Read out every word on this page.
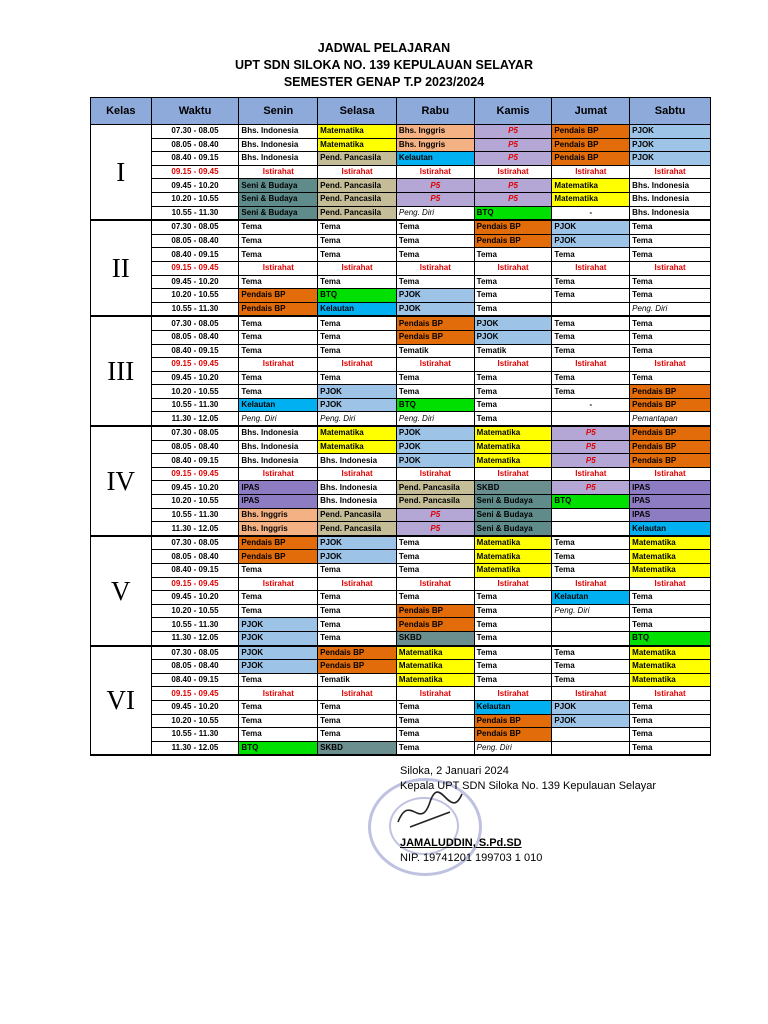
JADWAL PELAJARAN
UPT SDN SILOKA NO. 139 KEPULAUAN SELAYAR
SEMESTER GENAP T.P 2023/2024
Kelas	Waktu	Senin	Selasa	Rabu	Kamis	Jumat	Sabtu
I	07.30 - 08.05	Bhs. Indonesia	Matematika	Bhs. Inggris	P5	Pendais BP	PJOK
	08.05 - 08.40	Bhs. Indonesia	Matematika	Bhs. Inggris	P5	Pendais BP	PJOK
	08.40 - 09.15	Bhs. Indonesia	Pend. Pancasila	Kelautan	P5	Pendais BP	PJOK
	09.15 - 09.45	Istirahat	Istirahat	Istirahat	Istirahat	Istirahat	Istirahat
	09.45 - 10.20	Seni & Budaya	Pend. Pancasila	P5	P5	Matematika	Bhs. Indonesia
	10.20 - 10.55	Seni & Budaya	Pend. Pancasila	P5	P5	Matematika	Bhs. Indonesia
	10.55 - 11.30	Seni & Budaya	Pend. Pancasila	Peng. Diri	BTQ	-	Bhs. Indonesia
II	07.30 - 08.05	Tema	Tema	Tema	Pendais BP	PJOK	Tema
	08.05 - 08.40	Tema	Tema	Tema	Pendais BP	PJOK	Tema
	08.40 - 09.15	Tema	Tema	Tema	Tema	Tema	Tema
	09.15 - 09.45	Istirahat	Istirahat	Istirahat	Istirahat	Istirahat	Istirahat
	09.45 - 10.20	Tema	Tema	Tema	Tema	Tema	Tema
	10.20 - 10.55	Pendais BP	BTQ	PJOK	Tema	Tema	Tema
	10.55 - 11.30	Pendais BP	Kelautan	PJOK	Tema		Peng. Diri
III	07.30 - 08.05	Tema	Tema	Pendais BP	PJOK	Tema	Tema
	08.05 - 08.40	Tema	Tema	Pendais BP	PJOK	Tema	Tema
	08.40 - 09.15	Tema	Tema	Tematik	Tematik	Tema	Tema
	09.15 - 09.45	Istirahat	Istirahat	Istirahat	Istirahat	Istirahat	Istirahat
	09.45 - 10.20	Tema	Tema	Tema	Tema	Tema	Tema
	10.20 - 10.55	Tema	PJOK	Tema	Tema	Tema	Pendais BP
	10.55 - 11.30	Kelautan	PJOK	BTQ	Tema	-	Pendais BP
	11.30 - 12.05	Peng. Diri	Peng. Diri	Peng. Diri	Tema		Pemantapan
IV	07.30 - 08.05	Bhs. Indonesia	Matematika	PJOK	Matematika	P5	Pendais BP
	08.05 - 08.40	Bhs. Indonesia	Matematika	PJOK	Matematika	P5	Pendais BP
	08.40 - 09.15	Bhs. Indonesia	Bhs. Indonesia	PJOK	Matematika	P5	Pendais BP
	09.15 - 09.45	Istirahat	Istirahat	Istirahat	Istirahat	Istirahat	Istirahat
	09.45 - 10.20	IPAS	Bhs. Indonesia	Pend. Pancasila	SKBD	P5	IPAS
	10.20 - 10.55	IPAS	Bhs. Indonesia	Pend. Pancasila	Seni & Budaya	BTQ	IPAS
	10.55 - 11.30	Bhs. Inggris	Pend. Pancasila	P5	Seni & Budaya		IPAS
	11.30 - 12.05	Bhs. Inggris	Pend. Pancasila	P5	Seni & Budaya		Kelautan
V	07.30 - 08.05	Pendais BP	PJOK	Tema	Matematika	Tema	Matematika
	08.05 - 08.40	Pendais BP	PJOK	Tema	Matematika	Tema	Matematika
	08.40 - 09.15	Tema	Tema	Tema	Matematika	Tema	Matematika
	09.15 - 09.45	Istirahat	Istirahat	Istirahat	Istirahat	Istirahat	Istirahat
	09.45 - 10.20	Tema	Tema	Tema	Tema	Kelautan	Tema
	10.20 - 10.55	Tema	Tema	Pendais BP	Tema	Peng. Diri	Tema
	10.55 - 11.30	PJOK	Tema	Pendais BP	Tema		Tema
	11.30 - 12.05	PJOK	Tema	SKBD	Tema		BTQ
VI	07.30 - 08.05	PJOK	Pendais BP	Matematika	Tema	Tema	Matematika
	08.05 - 08.40	PJOK	Pendais BP	Matematika	Tema	Tema	Matematika
	08.40 - 09.15	Tema	Tematik	Matematika	Tema	Tema	Matematika
	09.15 - 09.45	Istirahat	Istirahat	Istirahat	Istirahat	Istirahat	Istirahat
	09.45 - 10.20	Tema	Tema	Tema	Kelautan	PJOK	Tema
	10.20 - 10.55	Tema	Tema	Tema	Pendais BP	PJOK	Tema
	10.55 - 11.30	Tema	Tema	Tema	Pendais BP		Tema
	11.30 - 12.05	BTQ	SKBD	Tema	Peng. Diri		Tema
Siloka, 2 Januari 2024
Kepala UPT SDN Siloka No. 139 Kepulauan Selayar
JAMALUDDIN, S.Pd.SD
NIP. 19741201 199703 1 010
